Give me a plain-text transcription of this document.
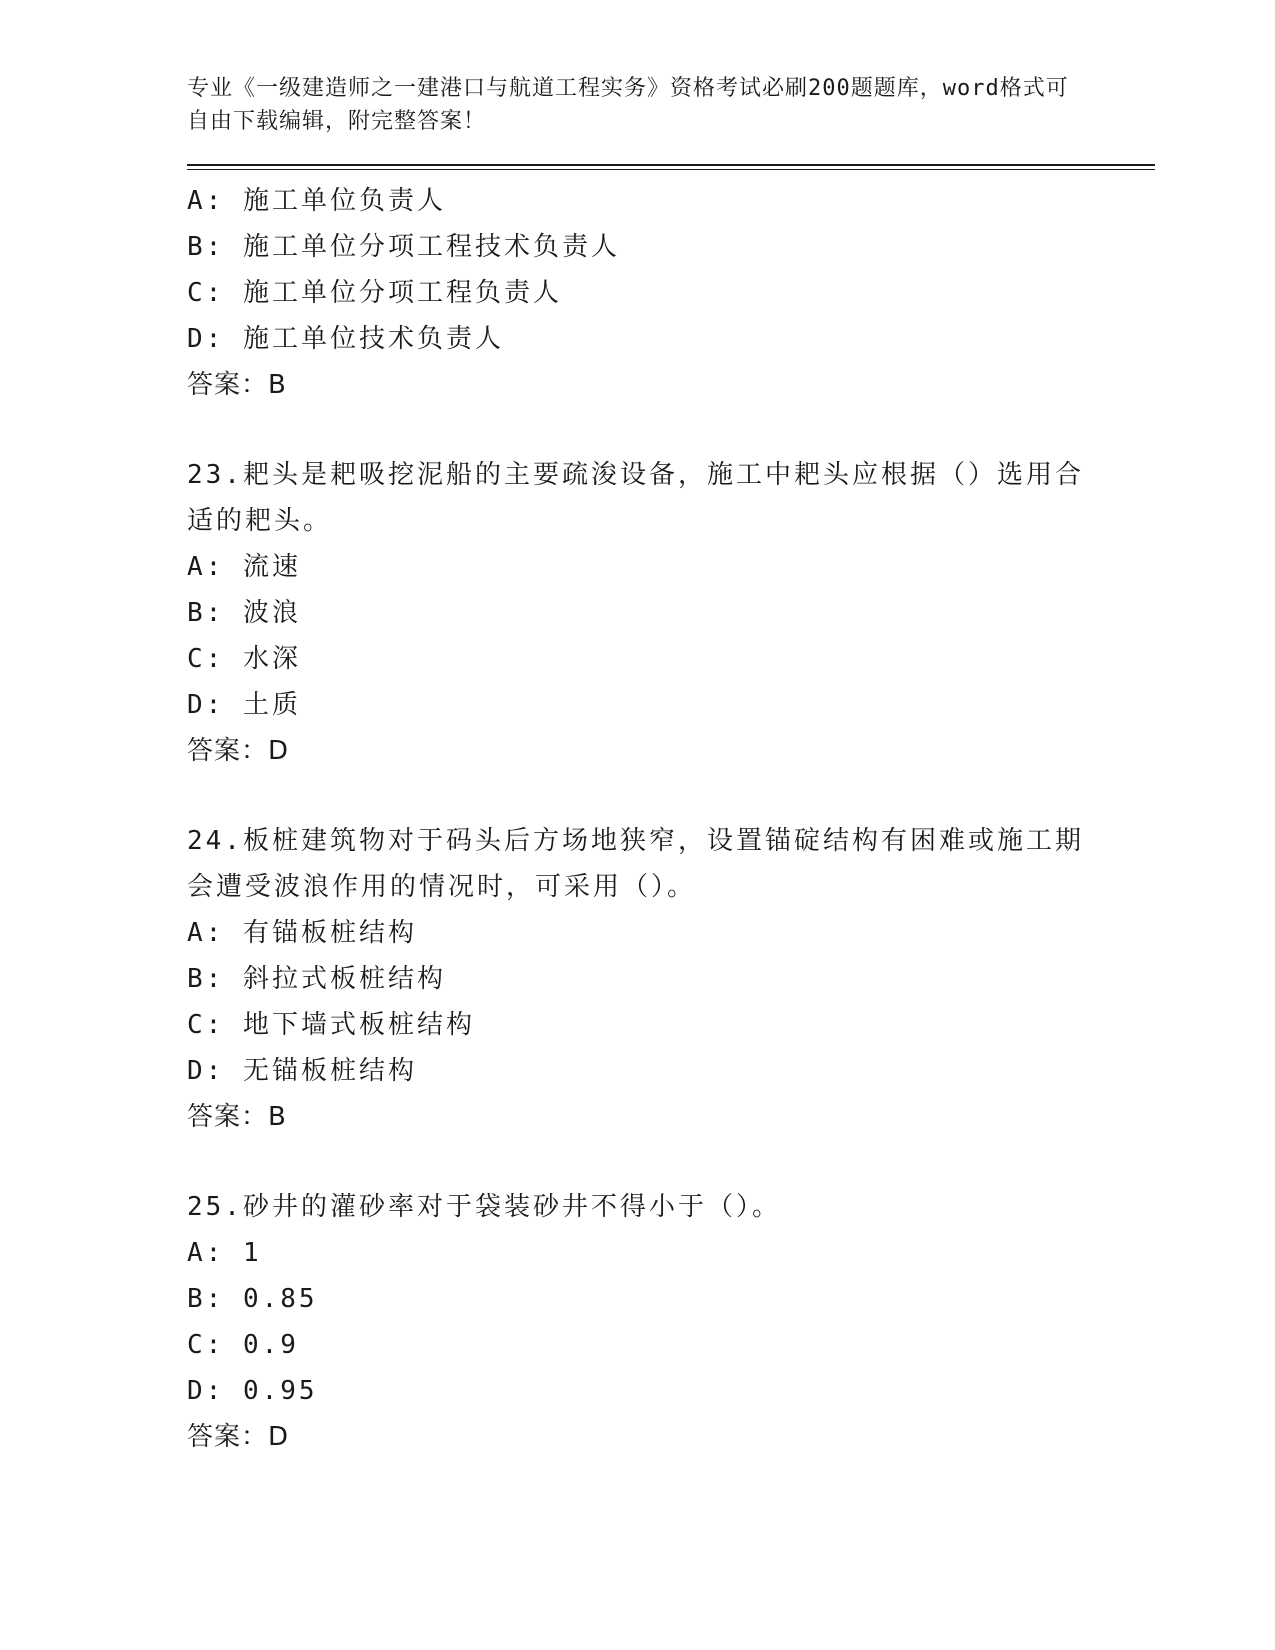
专业《一级建造师之一建港口与航道工程实务》资格考试必刷200题题库，word格式可自由下载编辑，附完整答案！
A: 施工单位负责人
B: 施工单位分项工程技术负责人
C: 施工单位分项工程负责人
D: 施工单位技术负责人
答案：B
23.耙头是耙吸挖泥船的主要疏浚设备，施工中耙头应根据（）选用合适的耙头。
A: 流速
B: 波浪
C: 水深
D: 土质
答案：D
24.板桩建筑物对于码头后方场地狭窄，设置锚碇结构有困难或施工期会遭受波浪作用的情况时，可采用（）。
A: 有锚板桩结构
B: 斜拉式板桩结构
C: 地下墙式板桩结构
D: 无锚板桩结构
答案：B
25.砂井的灌砂率对于袋装砂井不得小于（）。
A: 1
B: 0.85
C: 0.9
D: 0.95
答案：D
